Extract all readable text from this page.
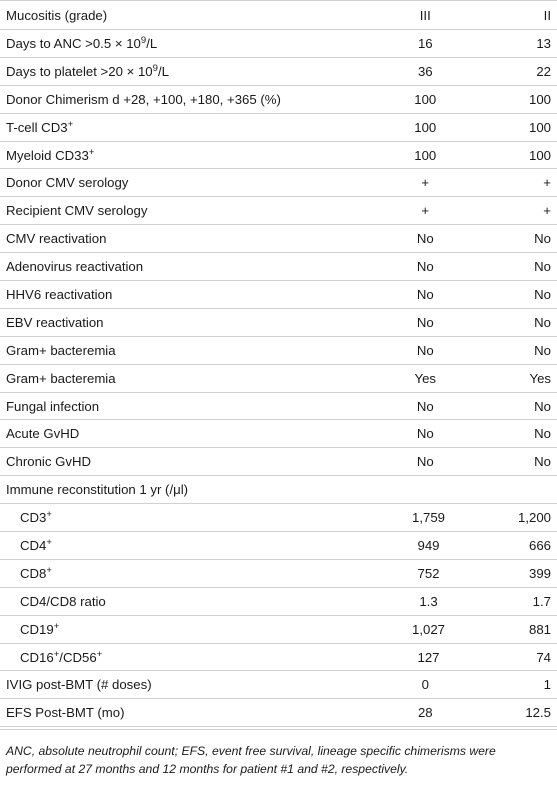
Mucositis (grade)	III	II
Days to ANC $>0.5 \times 10^9/L$	16	13
Days to platelet $>20 \times 10^9/L$	36	22
Donor Chimerism d +28, +100, +180, +365 (%)	100	100
T-cell CD3+	100	100
Myeloid CD33+	100	100
Donor CMV serology	+	+
Recipient CMV serology	+	+
CMV reactivation	No	No
Adenovirus reactivation	No	No
HHV6 reactivation	No	No
EBV reactivation	No	No
Gram+ bacteremia	No	No
Gram+ bacteremia	Yes	Yes
Fungal infection	No	No
Acute GvHD	No	No
Chronic GvHD	No	No
Immune reconstitution 1 yr (/μl)
CD3+	1,759	1,200
CD4+	949	666
CD8+	752	399
CD4/CD8 ratio	1.3	1.7
CD19+	1,027	881
CD16+/CD56+	127	74
IVIG post-BMT (# doses)	0	1
EFS Post-BMT (mo)	28	12.5
ANC, absolute neutrophil count; EFS, event free survival, lineage specific chimerisms were performed at 27 months and 12 months for patient #1 and #2, respectively.
